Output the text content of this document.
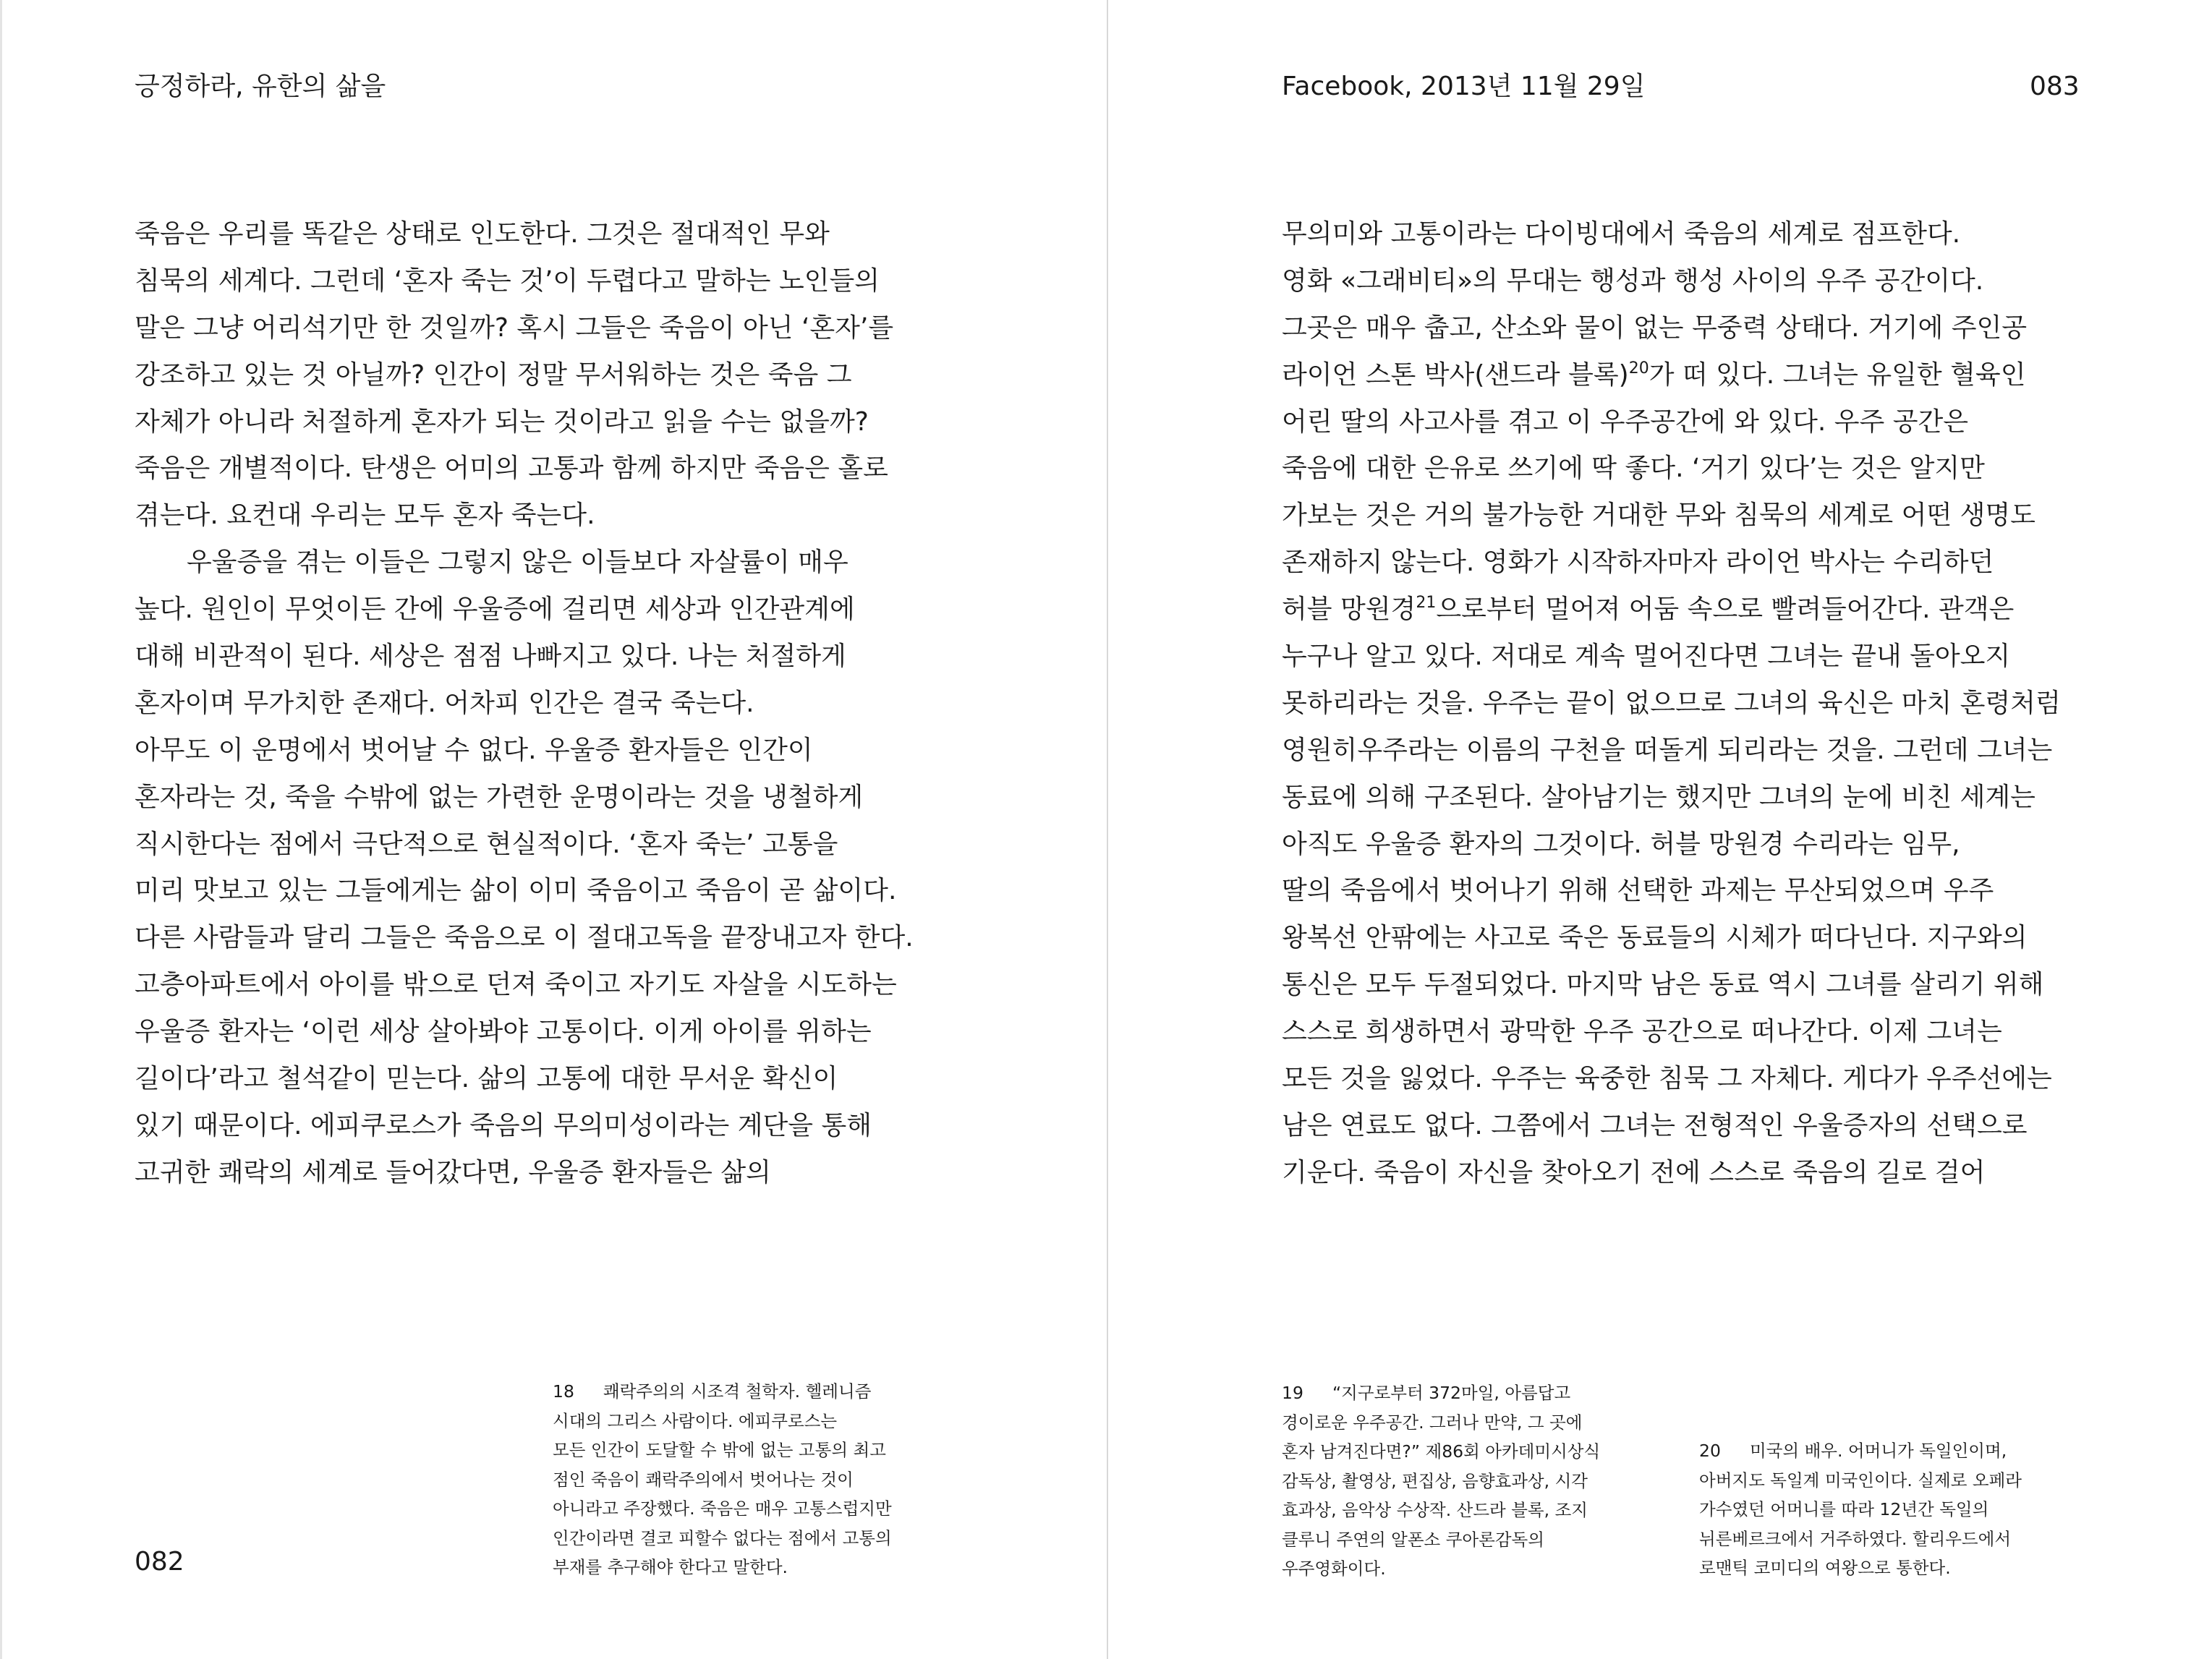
긍정하라, 유한의 삶을
죽음은 우리를 똑같은 상태로 인도한다. 그것은 절대적인 무와
침묵의 세계다. 그런데 ‘혼자 죽는 것’이 두렵다고 말하는 노인들의
말은 그냥 어리석기만 한 것일까? 혹시 그들은 죽음이 아닌 ‘혼자’를
강조하고 있는 것 아닐까? 인간이 정말 무서워하는 것은 죽음 그
자체가 아니라 처절하게 혼자가 되는 것이라고 읽을 수는 없을까?
죽음은 개별적이다. 탄생은 어미의 고통과 함께 하지만 죽음은 홀로
겪는다. 요컨대 우리는 모두 혼자 죽는다.
우울증을 겪는 이들은 그렇지 않은 이들보다 자살률이 매우
높다. 원인이 무엇이든 간에 우울증에 걸리면 세상과 인간관계에
대해 비관적이 된다. 세상은 점점 나빠지고 있다. 나는 처절하게
혼자이며 무가치한 존재다. 어차피 인간은 결국 죽는다.
아무도 이 운명에서 벗어날 수 없다. 우울증 환자들은 인간이
혼자라는 것, 죽을 수밖에 없는 가련한 운명이라는 것을 냉철하게
직시한다는 점에서 극단적으로 현실적이다. ‘혼자 죽는’ 고통을
미리 맛보고 있는 그들에게는 삶이 이미 죽음이고 죽음이 곧 삶이다.
다른 사람들과 달리 그들은 죽음으로 이 절대고독을 끝장내고자 한다.
고층아파트에서 아이를 밖으로 던져 죽이고 자기도 자살을 시도하는
우울증 환자는 ‘이런 세상 살아봐야 고통이다. 이게 아이를 위하는
길이다’라고 철석같이 믿는다. 삶의 고통에 대한 무서운 확신이
있기 때문이다. 에피쿠로스가 죽음의 무의미성이라는 계단을 통해
고귀한 쾌락의 세계로 들어갔다면, 우울증 환자들은 삶의
18 쾌락주의의 시조격 철학자. 헬레니즘
시대의 그리스 사람이다. 에피쿠로스는
모든 인간이 도달할 수 밖에 없는 고통의 최고
점인 죽음이 쾌락주의에서 벗어나는 것이
아니라고 주장했다. 죽음은 매우 고통스럽지만
인간이라면 결코 피할수 없다는 점에서 고통의
부재를 추구해야 한다고 말한다.
082
Facebook, 2013년 11월 29일	083
무의미와 고통이라는 다이빙대에서 죽음의 세계로 점프한다.
영화 «그래비티»의 무대는 행성과 행성 사이의 우주 공간이다.
그곳은 매우 춥고, 산소와 물이 없는 무중력 상태다. 거기에 주인공
라이언 스톤 박사(샌드라 블록)$^{20}$가 떠 있다. 그녀는 유일한 혈육인
어린 딸의 사고사를 겪고 이 우주공간에 와 있다. 우주 공간은
죽음에 대한 은유로 쓰기에 딱 좋다. ‘거기 있다’는 것은 알지만
가보는 것은 거의 불가능한 거대한 무와 침묵의 세계로 어떤 생명도
존재하지 않는다. 영화가 시작하자마자 라이언 박사는 수리하던
허블 망원경$^{21}$으로부터 멀어져 어둠 속으로 빨려들어간다. 관객은
누구나 알고 있다. 저대로 계속 멀어진다면 그녀는 끝내 돌아오지
못하리라는 것을. 우주는 끝이 없으므로 그녀의 육신은 마치 혼령처럼
영원히우주라는 이름의 구천을 떠돌게 되리라는 것을. 그런데 그녀는
동료에 의해 구조된다. 살아남기는 했지만 그녀의 눈에 비친 세계는
아직도 우울증 환자의 그것이다. 허블 망원경 수리라는 임무,
딸의 죽음에서 벗어나기 위해 선택한 과제는 무산되었으며 우주
왕복선 안팎에는 사고로 죽은 동료들의 시체가 떠다닌다. 지구와의
통신은 모두 두절되었다. 마지막 남은 동료 역시 그녀를 살리기 위해
스스로 희생하면서 광막한 우주 공간으로 떠나간다. 이제 그녀는
모든 것을 잃었다. 우주는 육중한 침묵 그 자체다. 게다가 우주선에는
남은 연료도 없다. 그쯤에서 그녀는 전형적인 우울증자의 선택으로
기운다. 죽음이 자신을 찾아오기 전에 스스로 죽음의 길로 걸어
19 “지구로부터 372마일, 아름답고
경이로운 우주공간. 그러나 만약, 그 곳에
혼자 남겨진다면?” 제86회 아카데미시상식
감독상, 촬영상, 편집상, 음향효과상, 시각
효과상, 음악상 수상작. 산드라 블록, 조지
클루니 주연의 알폰소 쿠아론감독의
우주영화이다.
20 미국의 배우. 어머니가 독일인이며,
아버지도 독일계 미국인이다. 실제로 오페라
가수였던 어머니를 따라 12년간 독일의
뉘른베르크에서 거주하였다. 할리우드에서
로맨틱 코미디의 여왕으로 통한다.
